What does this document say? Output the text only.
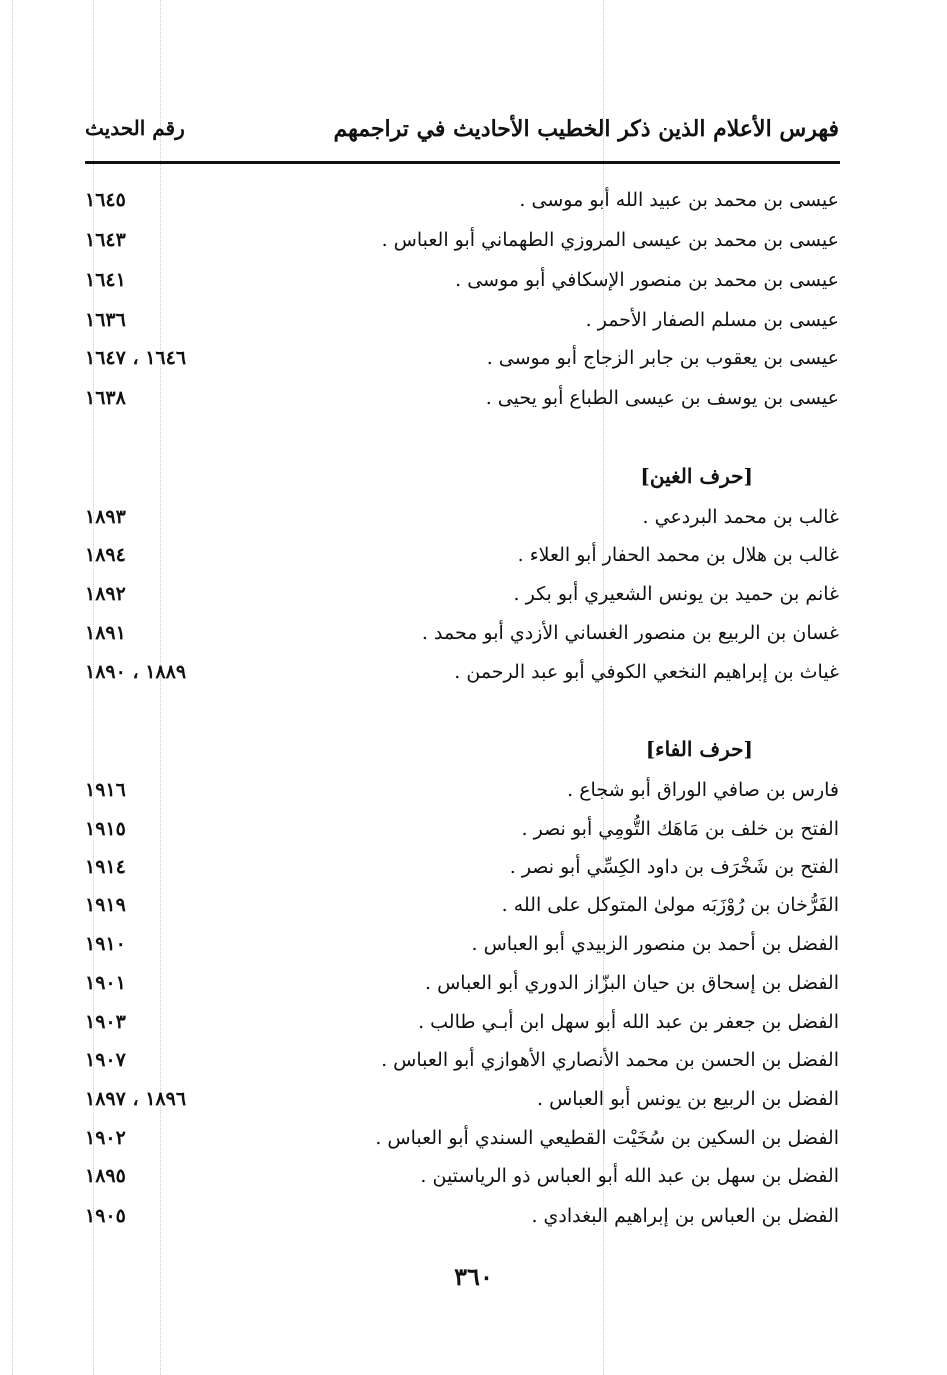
فهرس الأعلام الذين ذكر الخطيب الأحاديث في تراجمهم
رقم الحديث
عيسى بن محمد بن عبيد الله أبو موسى .
١٦٤٥
عيسى بن محمد بن عيسى المروزي الطهماني أبو العباس .
١٦٤٣
عيسى بن محمد بن منصور الإسكافي أبو موسى .
١٦٤١
عيسى بن مسلم الصفار الأحمر .
١٦٣٦
عيسى بن يعقوب بن جابر الزجاج أبو موسى .
١٦٤٦ ، ١٦٤٧
عيسى بن يوسف بن عيسى الطباع أبو يحيى .
١٦٣٨
[حرف الغين]
غالب بن محمد البردعي .
١٨٩٣
غالب بن هلال بن محمد الحفار أبو العلاء .
١٨٩٤
غانم بن حميد بن يونس الشعيري أبو بكر .
١٨٩٢
غسان بن الربيع بن منصور الغساني الأزدي أبو محمد .
١٨٩١
غياث بن إبراهيم النخعي الكوفي أبو عبد الرحمن .
١٨٨٩ ، ١٨٩٠
[حرف الفاء]
فارس بن صافي الوراق أبو شجاع .
١٩١٦
الفتح بن خلف بن مَاهَك التُّومِي أبو نصر .
١٩١٥
الفتح بن شَخْرَف بن داود الكِسِّي أبو نصر .
١٩١٤
الفَرُّخان بن رُوْزَبَه مولىٰ المتوكل على الله .
١٩١٩
الفضل بن أحمد بن منصور الزبيدي أبو العباس .
١٩١٠
الفضل بن إسحاق بن حيان البزّاز الدوري أبو العباس .
١٩٠١
الفضل بن جعفر بن عبد الله أبو سهل ابن أبـي طالب .
١٩٠٣
الفضل بن الحسن بن محمد الأنصاري الأهوازي أبو العباس .
١٩٠٧
الفضل بن الربيع بن يونس أبو العباس .
١٨٩٦ ، ١٨٩٧
الفضل بن السكين بن سُخَيْت القطيعي السندي أبو العباس .
١٩٠٢
الفضل بن سهل بن عبد الله أبو العباس ذو الرياستين .
١٨٩٥
الفضل بن العباس بن إبراهيم البغدادي .
١٩٠٥
٣٦٠
